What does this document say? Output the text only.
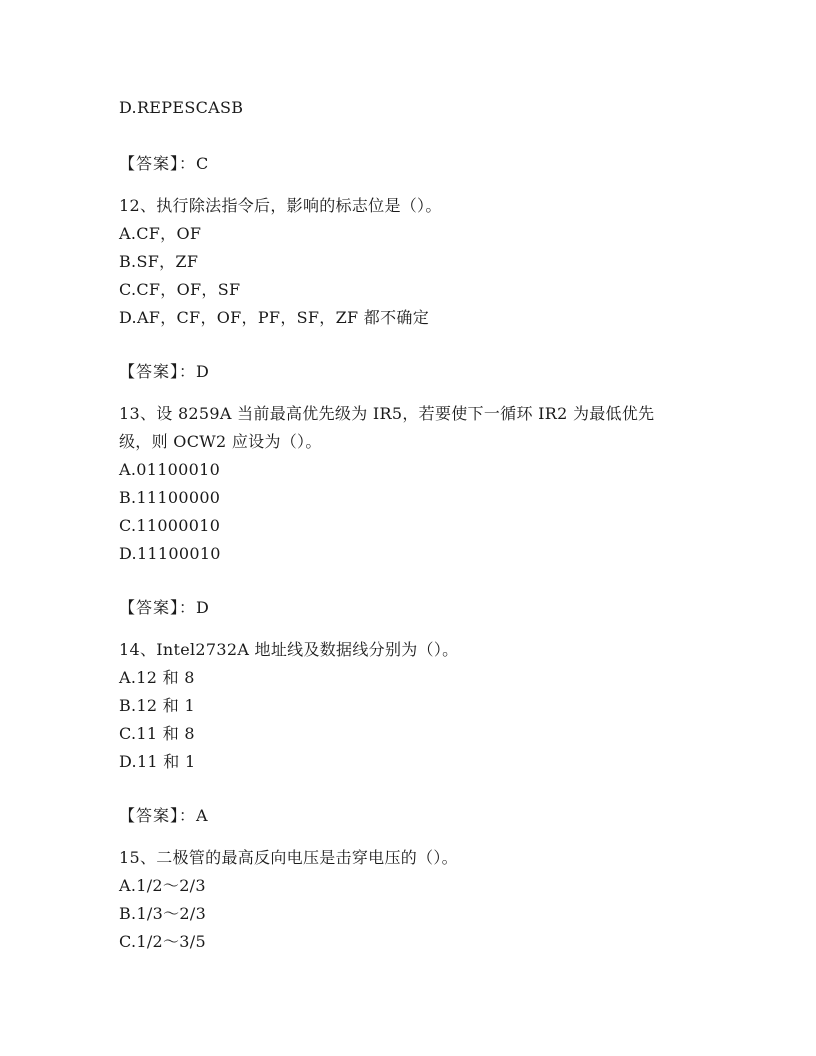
D.REPESCASB
【答案】：C
12、执行除法指令后，影响的标志位是（）。
A.CF，OF
B.SF，ZF
C.CF，OF，SF
D.AF，CF，OF，PF，SF，ZF 都不确定
【答案】：D
13、设 8259A 当前最高优先级为 IR5，若要使下一循环 IR2 为最低优先
级，则 OCW2 应设为（）。
A.01100010
B.11100000
C.11000010
D.11100010
【答案】：D
14、Intel2732A 地址线及数据线分别为（）。
A.12 和 8
B.12 和 1
C.11 和 8
D.11 和 1
【答案】：A
15、二极管的最高反向电压是击穿电压的（）。
A.1/2～2/3
B.1/3～2/3
C.1/2～3/5
